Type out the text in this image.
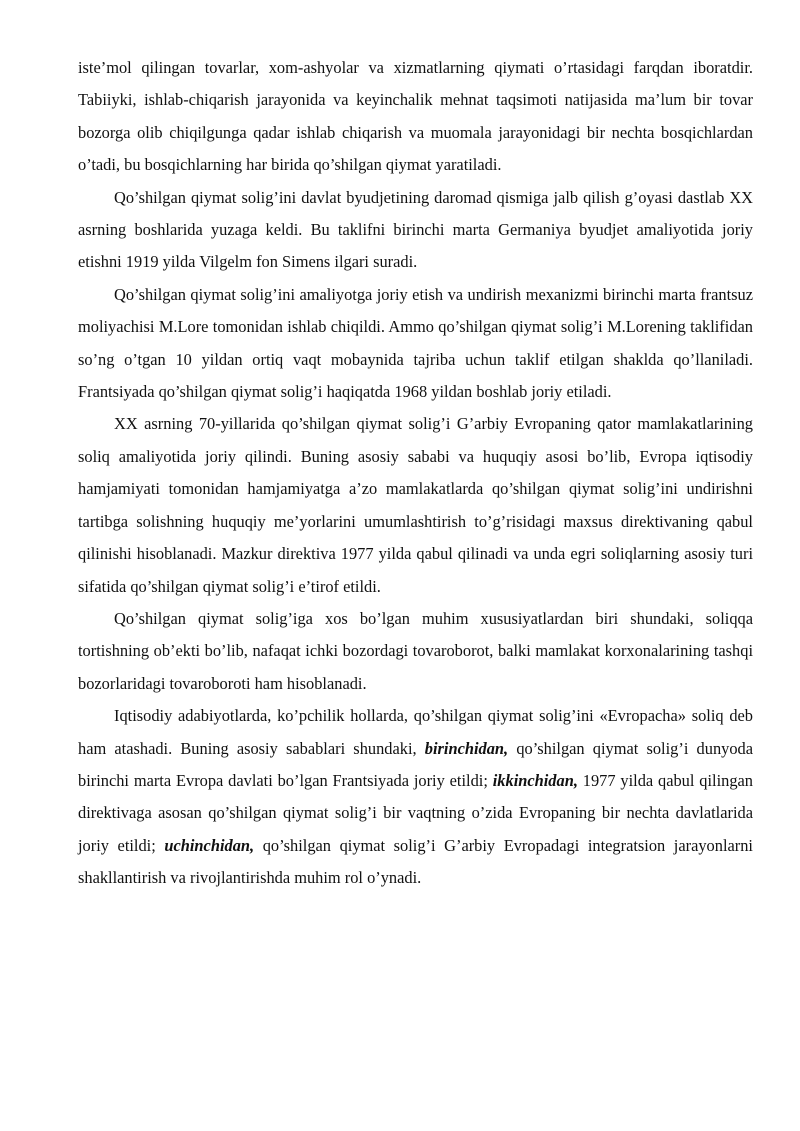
iste’mol qilingan tovarlar, xom-ashyolar va xizmatlarning qiymati o’rtasidagi farqdan iboratdir. Tabiiyki, ishlab-chiqarish jarayonida va keyinchalik mehnat taqsimoti natijasida ma’lum bir tovar bozorga olib chiqilgunga qadar ishlab chiqarish va muomala jarayonidagi bir nechta bosqichlardan o’tadi, bu bosqichlarning har birida qo’shilgan qiymat yaratiladi.

Qo’shilgan qiymat solig’ini davlat byudjetining daromad qismiga jalb qilish g’oyasi dastlab XX asrning boshlarida yuzaga keldi. Bu taklifni birinchi marta Germaniya byudjet amaliyotida joriy etishni 1919 yilda Vilgelm fon Simens ilgari suradi.

Qo’shilgan qiymat solig’ini amaliyotga joriy etish va undirish mexanizmi birinchi marta frantsuz moliyachisi M.Lore tomonidan ishlab chiqildi. Ammo qo’shilgan qiymat solig’i M.Lorening taklifidan so’ng o’tgan 10 yildan ortiq vaqt mobaynida tajriba uchun taklif etilgan shaklda qo’llaniladi. Frantsiyada qo’shilgan qiymat solig’i haqiqatda 1968 yildan boshlab joriy etiladi.

XX asrning 70-yillarida qo’shilgan qiymat solig’i G’arbiy Evropaning qator mamlakatlarining soliq amaliyotida joriy qilindi. Buning asosiy sababi va huquqiy asosi bo’lib, Evropa iqtisodiy hamjamiyati tomonidan hamjamiyatga a’zo mamlakatlarda qo’shilgan qiymat solig’ini undirishni tartibga solishning huquqiy me’yorlarini umumlashtirish to’g’risidagi maxsus direktivaning qabul qilinishi hisoblanadi. Mazkur direktiva 1977 yilda qabul qilinadi va unda egri soliqlarning asosiy turi sifatida qo’shilgan qiymat solig’i e’tirof etildi.

Qo’shilgan qiymat solig’iga xos bo’lgan muhim xususiyatlardan biri shundaki, soliqqa tortishning ob’ekti bo’lib, nafaqat ichki bozordagi tovaroborot, balki mamlakat korxonalarining tashqi bozorlaridagi tovaroboroti ham hisoblanadi.

Iqtisodiy adabiyotlarda, ko’pchilik hollarda, qo’shilgan qiymat solig’ini «Evropacha» soliq deb ham atashadi. Buning asosiy sabablari shundaki, birinchidan, qo’shilgan qiymat solig’i dunyoda birinchi marta Evropa davlati bo’lgan Frantsiyada joriy etildi; ikkinchidan, 1977 yilda qabul qilingan direktivaga asosan qo’shilgan qiymat solig’i bir vaqtning o’zida Evropaning bir nechta davlatlarida joriy etildi; uchinchidan, qo’shilgan qiymat solig’i G’arbiy Evropadagi integratsion jarayonlarni shakllantirish va rivojlantirishda muhim rol o’ynadi.
